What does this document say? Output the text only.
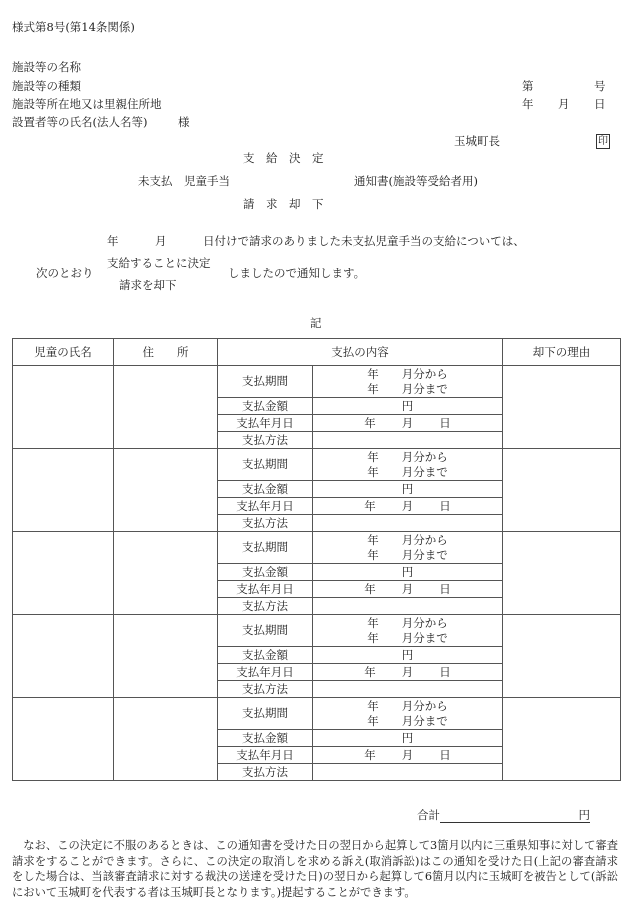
様式第8号(第14条関係)
施設等の名称
施設等の種類
施設等所在地又は里親住所地
設置者等の氏名(法人名等)	様
第	号
年 月 日
玉城町長	印
支　給　決　定
未支払　児童手当	通知書(施設等受給者用)
請　求　却　下
年	月	日付けで請求のありました未支払児童手当の支給については、
支給することに決定
次のとおり	しましたので通知します。
請求を却下
記
児童の氏名	住　　所	支払の内容		却下の理由
		支払期間	年　　月分から
年　　月分まで	

		支払金額	円	
		支払年月日	年 月 日	
		支払方法		
		支払期間	年　　月分から
年　　月分まで	

		支払金額	円	
		支払年月日	年 月 日	
		支払方法		
		支払期間	年　　月分から
年　　月分まで	

		支払金額	円	
		支払年月日	年 月 日	
		支払方法		
		支払期間	年　　月分から
年　　月分まで	

		支払金額	円	
		支払年月日	年 月 日	
		支払方法		
		支払期間	年　　月分から
年　　月分まで	

		支払金額	円	
		支払年月日	年 月 日	
		支払方法		
合計	円
　なお、この決定に不服のあるときは、この通知書を受けた日の翌日から起算して3箇月以内に三重県知事に対して審査請求をすることができます。さらに、この決定の取消しを求める訴え(取消訴訟)はこの通知を受けた日(上記の審査請求をした場合は、当該審査請求に対する裁決の送達を受けた日)の翌日から起算して6箇月以内に玉城町を被告として(訴訟において玉城町を代表する者は玉城町長となります。)提起することができます。
